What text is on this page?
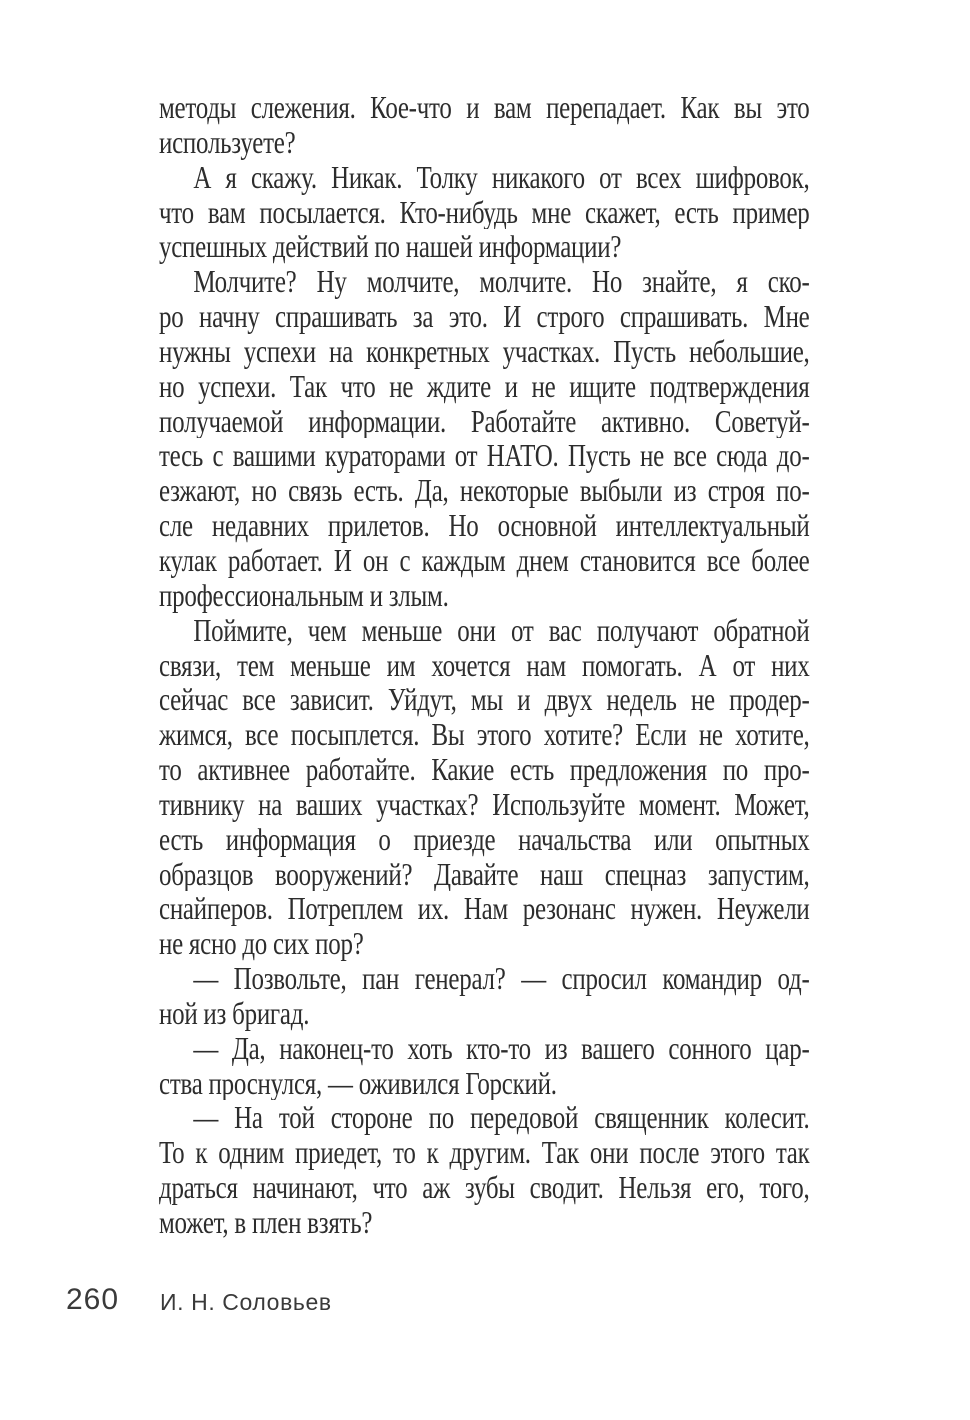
методы слежения. Кое-что и вам перепадает. Как вы это
используете?
А я скажу. Никак. Толку никакого от всех шифровок,
что вам посылается. Кто-нибудь мне скажет, есть пример
успешных действий по нашей информации?
Молчите? Ну молчите, молчите. Но знайте, я ско-
ро начну спрашивать за это. И строго спрашивать. Мне
нужны успехи на конкретных участках. Пусть небольшие,
но успехи. Так что не ждите и не ищите подтверждения
получаемой информации. Работайте активно. Советуй-
тесь с вашими кураторами от НАТО. Пусть не все сюда до-
езжают, но связь есть. Да, некоторые выбыли из строя по-
сле недавних прилетов. Но основной интеллектуальный
кулак работает. И он с каждым днем становится все более
профессиональным и злым.
Поймите, чем меньше они от вас получают обратной
связи, тем меньше им хочется нам помогать. А от них
сейчас все зависит. Уйдут, мы и двух недель не продер-
жимся, все посыплется. Вы этого хотите? Если не хотите,
то активнее работайте. Какие есть предложения по про-
тивнику на ваших участках? Используйте момент. Может,
есть информация о приезде начальства или опытных
образцов вооружений? Давайте наш спецназ запустим,
снайперов. Потреплем их. Нам резонанс нужен. Неужели
не ясно до сих пор?
— Позвольте, пан генерал? — спросил командир од-
ной из бригад.
— Да, наконец-то хоть кто-то из вашего сонного цар-
ства проснулся, — оживился Горский.
— На той стороне по передовой священник колесит.
То к одним приедет, то к другим. Так они после этого так
драться начинают, что аж зубы сводит. Нельзя его, того,
может, в плен взять?
260 И. Н. Соловьев
